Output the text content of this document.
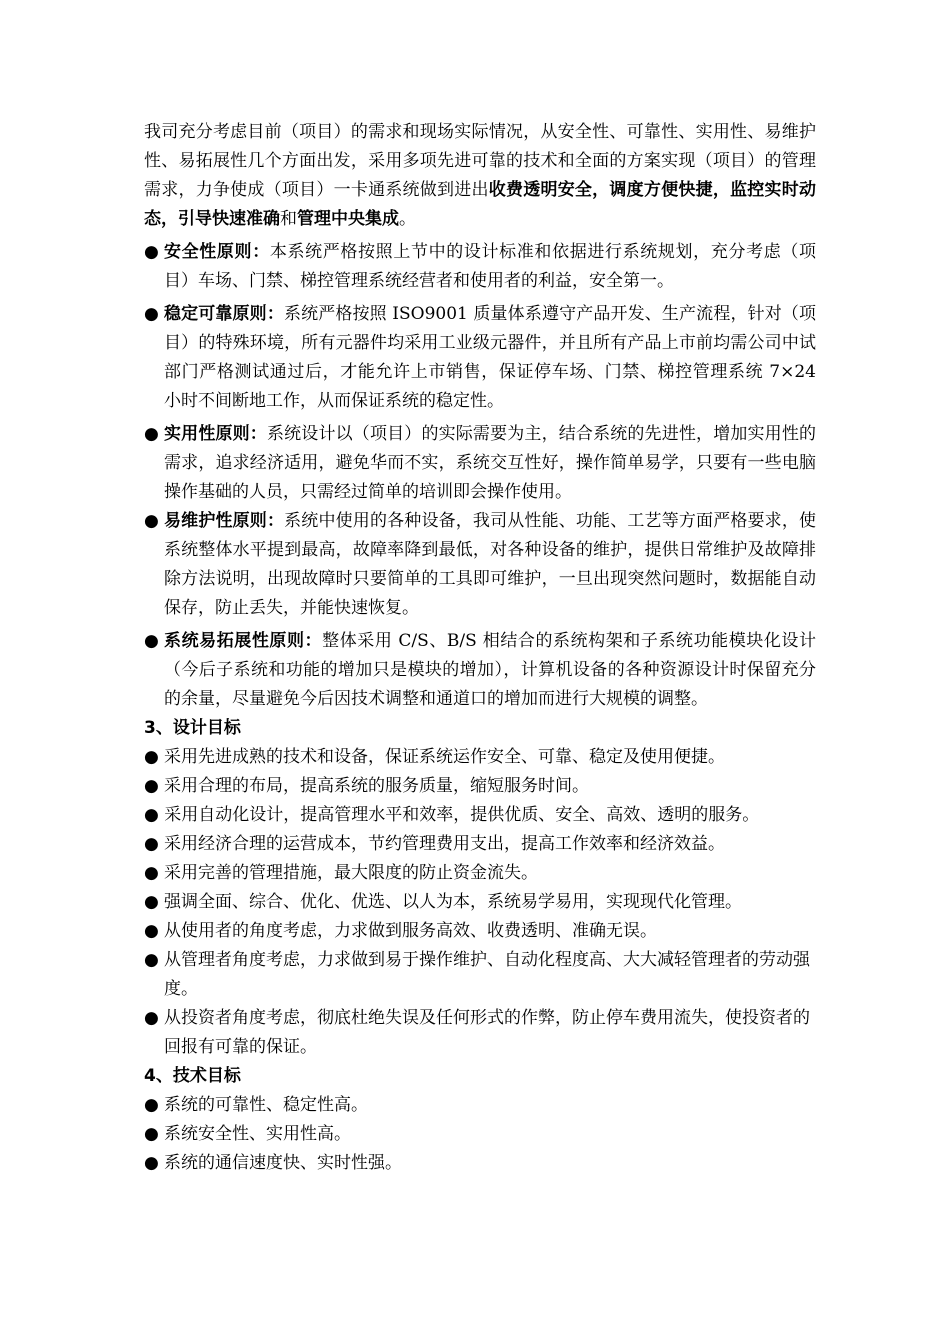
我司充分考虑目前（项目）的需求和现场实际情况，从安全性、可靠性、实用性、易维护性、易拓展性几个方面出发，采用多项先进可靠的技术和全面的方案实现（项目）的管理需求，力争使成（项目）一卡通系统做到进出收费透明安全，调度方便快捷，监控实时动态，引导快速准确和管理中央集成。

● 安全性原则：本系统严格按照上节中的设计标准和依据进行系统规划，充分考虑（项目）车场、门禁、梯控管理系统经营者和使用者的利益，安全第一。

● 稳定可靠原则：系统严格按照 ISO9001 质量体系遵守产品开发、生产流程，针对（项目）的特殊环境，所有元器件均采用工业级元器件，并且所有产品上市前均需公司中试部门严格测试通过后，才能允许上市销售，保证停车场、门禁、梯控管理系统 7×24 小时不间断地工作，从而保证系统的稳定性。

● 实用性原则：系统设计以（项目）的实际需要为主，结合系统的先进性，增加实用性的需求，追求经济适用，避免华而不实，系统交互性好，操作简单易学，只要有一些电脑操作基础的人员，只需经过简单的培训即会操作使用。

● 易维护性原则：系统中使用的各种设备，我司从性能、功能、工艺等方面严格要求，使系统整体水平提到最高，故障率降到最低，对各种设备的维护，提供日常维护及故障排除方法说明，出现故障时只要简单的工具即可维护，一旦出现突然问题时，数据能自动保存，防止丢失，并能快速恢复。

● 系统易拓展性原则：整体采用 C/S、B/S 相结合的系统构架和子系统功能模块化设计（今后子系统和功能的增加只是模块的增加），计算机设备的各种资源设计时保留充分的余量，尽量避免今后因技术调整和通道口的增加而进行大规模的调整。

3、设计目标

● 采用先进成熟的技术和设备，保证系统运作安全、可靠、稳定及使用便捷。

● 采用合理的布局，提高系统的服务质量，缩短服务时间。

● 采用自动化设计，提高管理水平和效率，提供优质、安全、高效、透明的服务。

● 采用经济合理的运营成本，节约管理费用支出，提高工作效率和经济效益。

● 采用完善的管理措施，最大限度的防止资金流失。

● 强调全面、综合、优化、优选、以人为本，系统易学易用，实现现代化管理。

● 从使用者的角度考虑，力求做到服务高效、收费透明、准确无误。

● 从管理者角度考虑，力求做到易于操作维护、自动化程度高、大大减轻管理者的劳动强度。

● 从投资者角度考虑，彻底杜绝失误及任何形式的作弊，防止停车费用流失，使投资者的回报有可靠的保证。

4、技术目标

● 系统的可靠性、稳定性高。

● 系统安全性、实用性高。

● 系统的通信速度快、实时性强。
